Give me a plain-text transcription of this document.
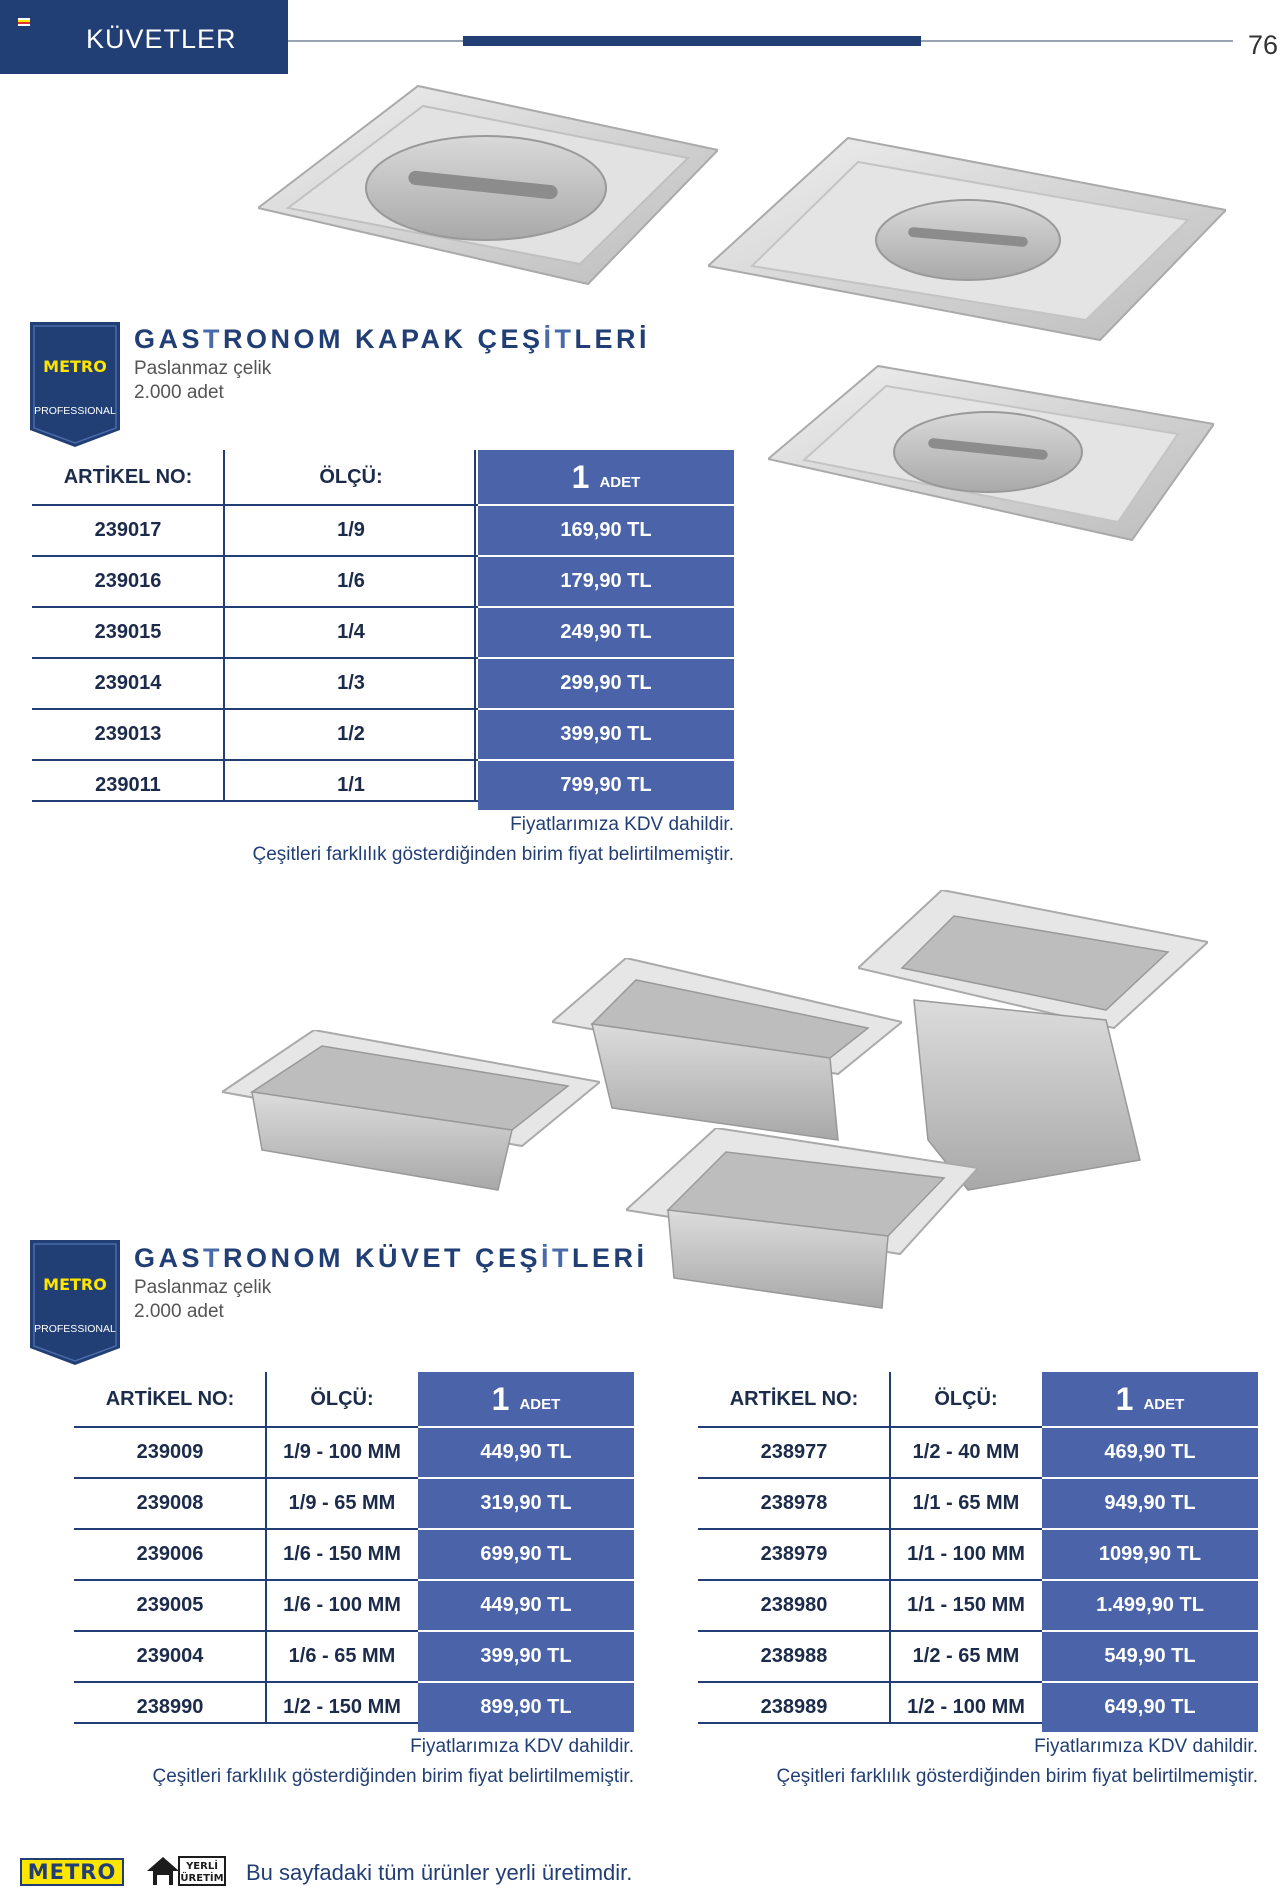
KÜVETLER	76
METRO
PROFESSIONAL
GASTRONOM KAPAK ÇEŞİTLERİ
Paslanmaz çelik
2.000 adet
ARTİKEL NO:	ÖLÇÜ:	1 ADET
239017	1/9	169,90 TL
239016	1/6	179,90 TL
239015	1/4	249,90 TL
239014	1/3	299,90 TL
239013	1/2	399,90 TL
239011	1/1	799,90 TL
Fiyatlarımıza KDV dahildir.
Çeşitleri farklılık gösterdiğinden birim fiyat belirtilmemiştir.
METRO
PROFESSIONAL
GASTRONOM KÜVET ÇEŞİTLERİ
Paslanmaz çelik
2.000 adet
ARTİKEL NO:	ÖLÇÜ:	1 ADET
239009	1/9 - 100 MM	449,90 TL
239008	1/9 - 65 MM	319,90 TL
239006	1/6 - 150 MM	699,90 TL
239005	1/6 - 100 MM	449,90 TL
239004	1/6 - 65 MM	399,90 TL
238990	1/2 - 150 MM	899,90 TL
ARTİKEL NO:	ÖLÇÜ:	1 ADET
238977	1/2 - 40 MM	469,90 TL
238978	1/1 - 65 MM	949,90 TL
238979	1/1 - 100 MM	1099,90 TL
238980	1/1 - 150 MM	1.499,90 TL
238988	1/2 - 65 MM	549,90 TL
238989	1/2 - 100 MM	649,90 TL
Fiyatlarımıza KDV dahildir.
Çeşitleri farklılık gösterdiğinden birim fiyat belirtilmemiştir.
Fiyatlarımıza KDV dahildir.
Çeşitleri farklılık gösterdiğinden birim fiyat belirtilmemiştir.
METRO	YERLİ
ÜRETİM Bu sayfadaki tüm ürünler yerli üretimdir.
